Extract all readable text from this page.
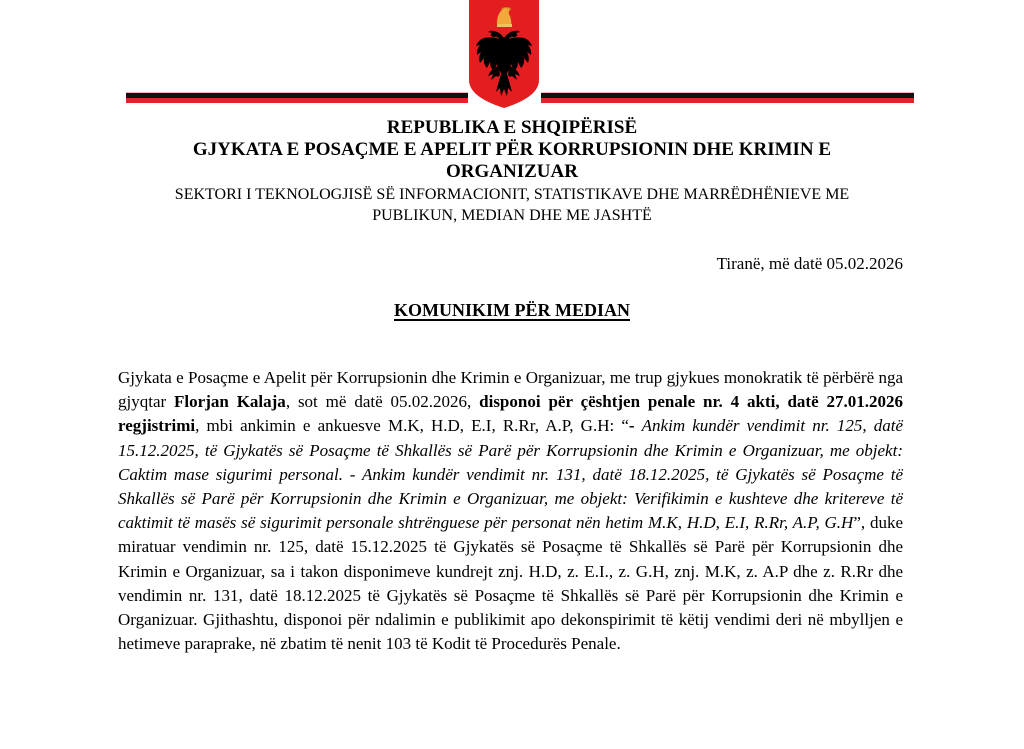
REPUBLIKA E SHQIPËRISË
GJYKATA E POSAÇME E APELIT PËR KORRUPSIONIN DHE KRIMIN E ORGANIZUAR
SEKTORI I TEKNOLOGJISË SË INFORMACIONIT, STATISTIKAVE DHE MARRËDHËNIEVE ME
PUBLIKUN, MEDIAN DHE ME JASHTË
Tiranë, më datë 05.02.2026
KOMUNIKIM PËR MEDIAN
Gjykata e Posaçme e Apelit për Korrupsionin dhe Krimin e Organizuar, me trup gjykues monokratik të përbërë nga gjyqtar Florjan Kalaja, sot më datë 05.02.2026, disponoi për çështjen penale nr. 4 akti, datë 27.01.2026 regjistrimi, mbi ankimin e ankuesve M.K, H.D, E.I, R.Rr, A.P, G.H: “- Ankim kundër vendimit nr. 125, datë 15.12.2025, të Gjykatës së Posaçme të Shkallës së Parë për Korrupsionin dhe Krimin e Organizuar, me objekt: Caktim mase sigurimi personal. - Ankim kundër vendimit nr. 131, datë 18.12.2025, të Gjykatës së Posaçme të Shkallës së Parë për Korrupsionin dhe Krimin e Organizuar, me objekt: Verifikimin e kushteve dhe kritereve të caktimit të masës së sigurimit personale shtrënguese për personat nën hetim M.K, H.D, E.I, R.Rr, A.P, G.H”, duke miratuar vendimin nr. 125, datë 15.12.2025 të Gjykatës së Posaçme të Shkallës së Parë për Korrupsionin dhe Krimin e Organizuar, sa i takon disponimeve kundrejt znj. H.D, z. E.I., z. G.H, znj. M.K, z. A.P dhe z. R.Rr dhe vendimin nr. 131, datë 18.12.2025 të Gjykatës së Posaçme të Shkallës së Parë për Korrupsionin dhe Krimin e Organizuar. Gjithashtu, disponoi për ndalimin e publikimit apo dekonspirimit të këtij vendimi deri në mbylljen e hetimeve paraprake, në zbatim të nenit 103 të Kodit të Procedurës Penale.
